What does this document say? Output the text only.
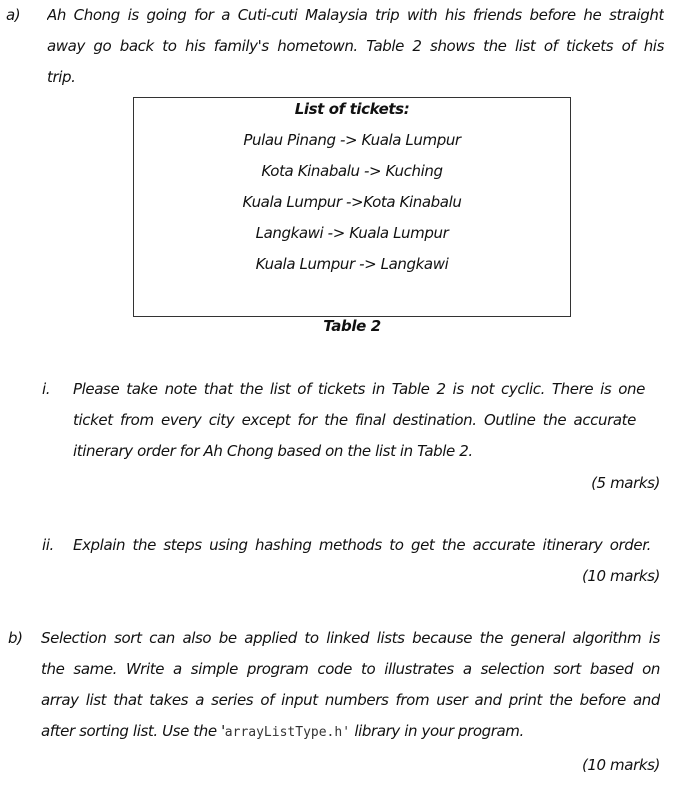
a) Ah Chong is going for a Cuti-cuti Malaysia trip with his friends before he straight
away go back to his family's hometown. Table 2 shows the list of tickets of his
trip.
List of tickets:
Pulau Pinang -> Kuala Lumpur
Kota Kinabalu -> Kuching
Kuala Lumpur ->Kota Kinabalu
Langkawi -> Kuala Lumpur
Kuala Lumpur -> Langkawi
Table 2
i. Please take note that the list of tickets in Table 2 is not cyclic. There is one
ticket from every city except for the final destination. Outline the accurate
itinerary order for Ah Chong based on the list in Table 2.
(5 marks)
ii. Explain the steps using hashing methods to get the accurate itinerary order.
(10 marks)
b) Selection sort can also be applied to linked lists because the general algorithm is
the same. Write a simple program code to illustrates a selection sort based on
array list that takes a series of input numbers from user and print the before and
after sorting list. Use the 'arrayListType.h' library in your program.
(10 marks)
